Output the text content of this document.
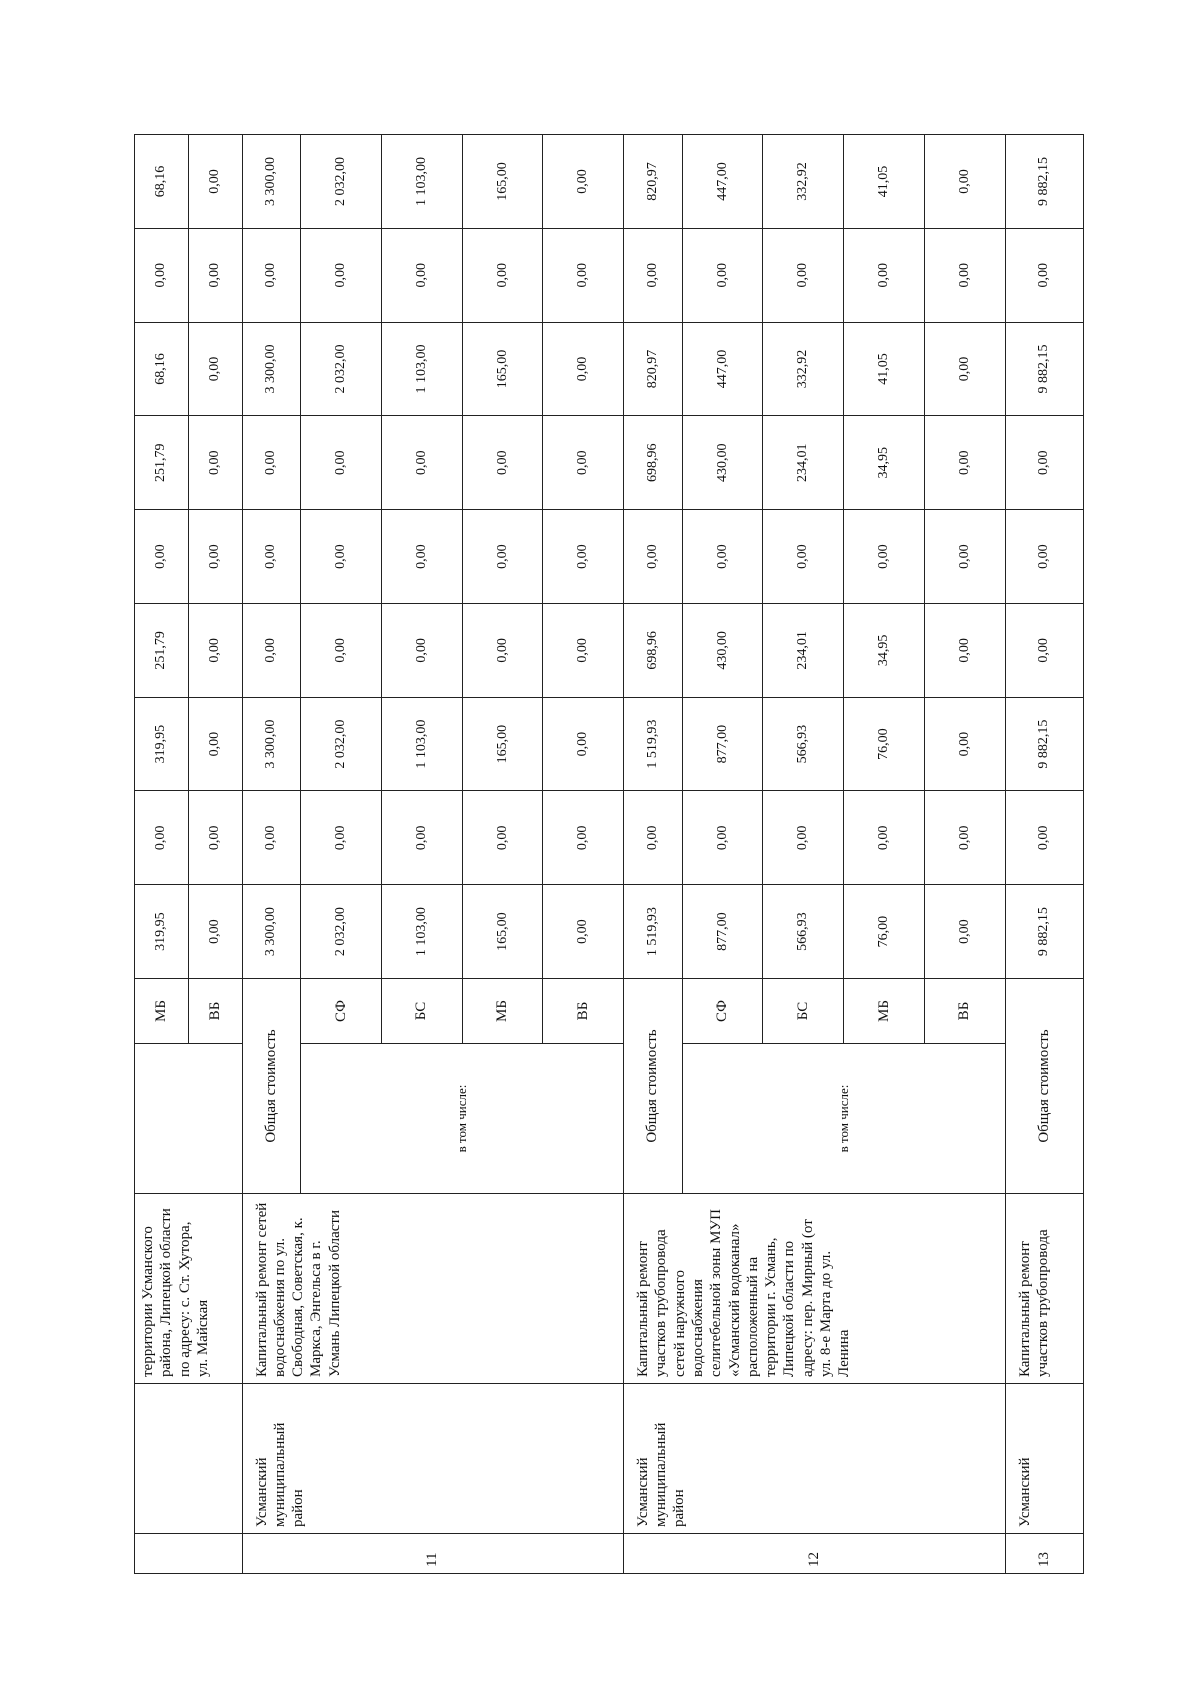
		территории Усманского района, Липецкой области по адресу: с. Ст. Хутора, ул. Майская		МБ	319,95	0,00	319,95	251,79	0,00	251,79	68,16	0,00	68,16
				ВБ	0,00	0,00	0,00	0,00	0,00	0,00	0,00	0,00	0,00
11	Усманский муниципальный район	Капитальный ремонт сетей водоснабжения по ул. Свободная, Советская, к. Маркса, Энгельса в г. Усмань Липецкой области	Общая стоимость		3 300,00	0,00	3 300,00	0,00	0,00	0,00	3 300,00	0,00	3 300,00
			в том числе:	СФ	2 032,00	0,00	2 032,00	0,00	0,00	0,00	2 032,00	0,00	2 032,00
				БС	1 103,00	0,00	1 103,00	0,00	0,00	0,00	1 103,00	0,00	1 103,00
				МБ	165,00	0,00	165,00	0,00	0,00	0,00	165,00	0,00	165,00
				ВБ	0,00	0,00	0,00	0,00	0,00	0,00	0,00	0,00	0,00
12	Усманский муниципальный район	Капитальный ремонт участков трубопровода сетей наружного водоснабжения селитебельной зоны МУП «Усманский водоканал» расположенный на территории г. Усмань, Липецкой области по адресу: пер. Мирный (от ул. 8-е Марта до ул. Ленина	Общая стоимость		1 519,93	0,00	1 519,93	698,96	0,00	698,96	820,97	0,00	820,97
			в том числе:	СФ	877,00	0,00	877,00	430,00	0,00	430,00	447,00	0,00	447,00
				БС	566,93	0,00	566,93	234,01	0,00	234,01	332,92	0,00	332,92
				МБ	76,00	0,00	76,00	34,95	0,00	34,95	41,05	0,00	41,05
				ВБ	0,00	0,00	0,00	0,00	0,00	0,00	0,00	0,00	0,00
13	Усманский	Капитальный ремонт участков трубопровода	Общая стоимость		9 882,15	0,00	9 882,15	0,00	0,00	0,00	9 882,15	0,00	9 882,15
